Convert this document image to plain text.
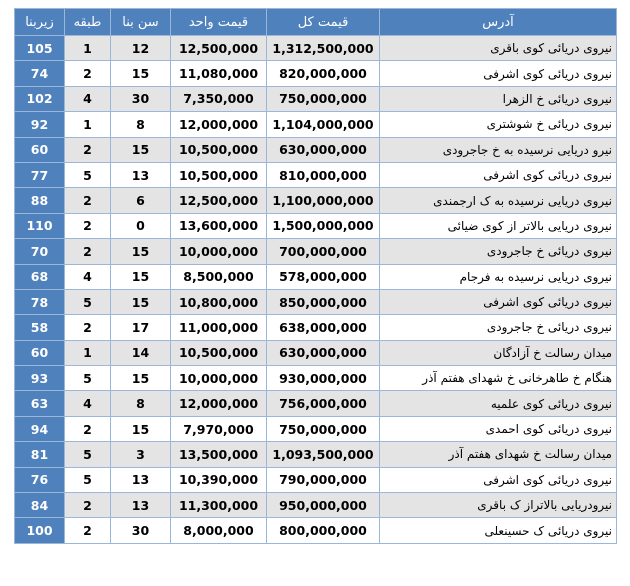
زیربنا	طبقه	سن بنا	قیمت واحد	قیمت کل	آدرس
105	1	12	12,500,000	1,312,500,000	نیروی دریائی کوی باقری
74	2	15	11,080,000	820,000,000	نیروی دریائی کوی اشرفی
102	4	30	7,350,000	750,000,000	نیروی دریائی خ الزهرا
92	1	8	12,000,000	1,104,000,000	نیروی دریائی خ شوشتری
60	2	15	10,500,000	630,000,000	نیرو دریایی نرسیده به خ جاجرودی
77	5	13	10,500,000	810,000,000	نیروی دریائی کوی اشرفی
88	2	6	12,500,000	1,100,000,000	نیروی دریایی نرسیده به ک ارجمندی
110	2	0	13,600,000	1,500,000,000	نیروی دریایی بالاتر از کوی ضیائی
70	2	15	10,000,000	700,000,000	نیروی دریائی خ جاجرودی
68	4	15	8,500,000	578,000,000	نیروی دریایی نرسیده به فرجام
78	5	15	10,800,000	850,000,000	نیروی دریائی کوی اشرفی
58	2	17	11,000,000	638,000,000	نیروی دریائی خ جاجرودی
60	1	14	10,500,000	630,000,000	میدان رسالت خ آزادگان
93	5	15	10,000,000	930,000,000	هنگام خ طاهرخانی خ شهدای هفتم آذر
63	4	8	12,000,000	756,000,000	نیروی دریائی کوی علمیه
94	2	15	7,970,000	750,000,000	نیروی دریائی کوی احمدی
81	5	3	13,500,000	1,093,500,000	میدان رسالت خ شهدای هفتم آذر
76	5	13	10,390,000	790,000,000	نیروی دریائی کوی اشرفی
84	2	13	11,300,000	950,000,000	نیرودریایی بالاتراز ک باقری
100	2	30	8,000,000	800,000,000	نیروی دریائی ک حسینعلی
